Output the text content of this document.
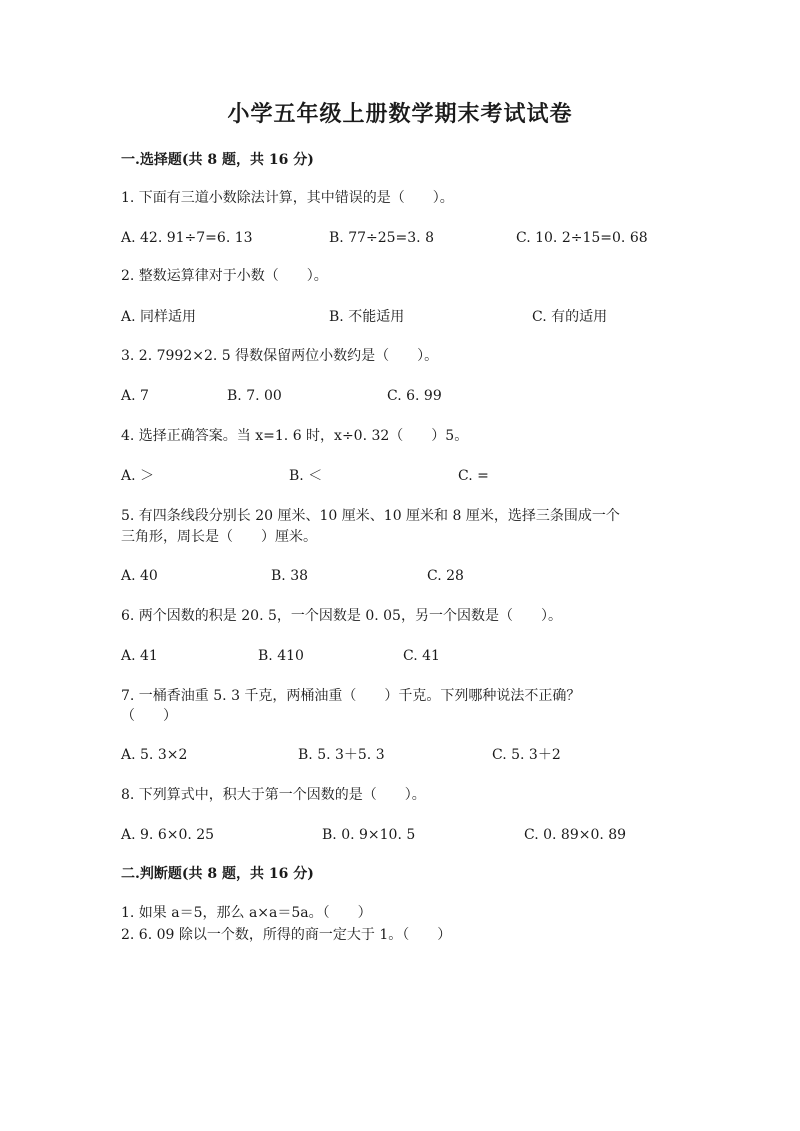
小学五年级上册数学期末考试试卷
一.选择题(共 8 题，共 16 分)
1. 下面有三道小数除法计算，其中错误的是（　　）。
A. 42. 91÷7=6. 13	B. 77÷25=3. 8	C. 10. 2÷15=0. 68
2. 整数运算律对于小数（　　）。
A. 同样适用	B. 不能适用	C. 有的适用
3. 2. 7992×2. 5 得数保留两位小数约是（　　）。
A. 7	B. 7. 00	C. 6. 99
4. 选择正确答案。当 x=1. 6 时，x÷0. 32（　　）5。
A. ＞	B. ＜	C. =
5. 有四条线段分别长 20 厘米、10 厘米、10 厘米和 8 厘米，选择三条围成一个
三角形，周长是（　　）厘米。
A. 40	B. 38	C. 28
6. 两个因数的积是 20. 5，一个因数是 0. 05，另一个因数是（　　）。
A. 41	B. 410	C. 41
7. 一桶香油重 5. 3 千克，两桶油重（　　）千克。下列哪种说法不正确？
（　　）
A. 5. 3×2	B. 5. 3＋5. 3	C. 5. 3＋2
8. 下列算式中，积大于第一个因数的是（　　）。
A. 9. 6×0. 25	B. 0. 9×10. 5	C. 0. 89×0. 89
二.判断题(共 8 题，共 16 分)
1. 如果 a＝5，那么 a×a＝5a。（　　）
2. 6. 09 除以一个数，所得的商一定大于 1。（　　）
